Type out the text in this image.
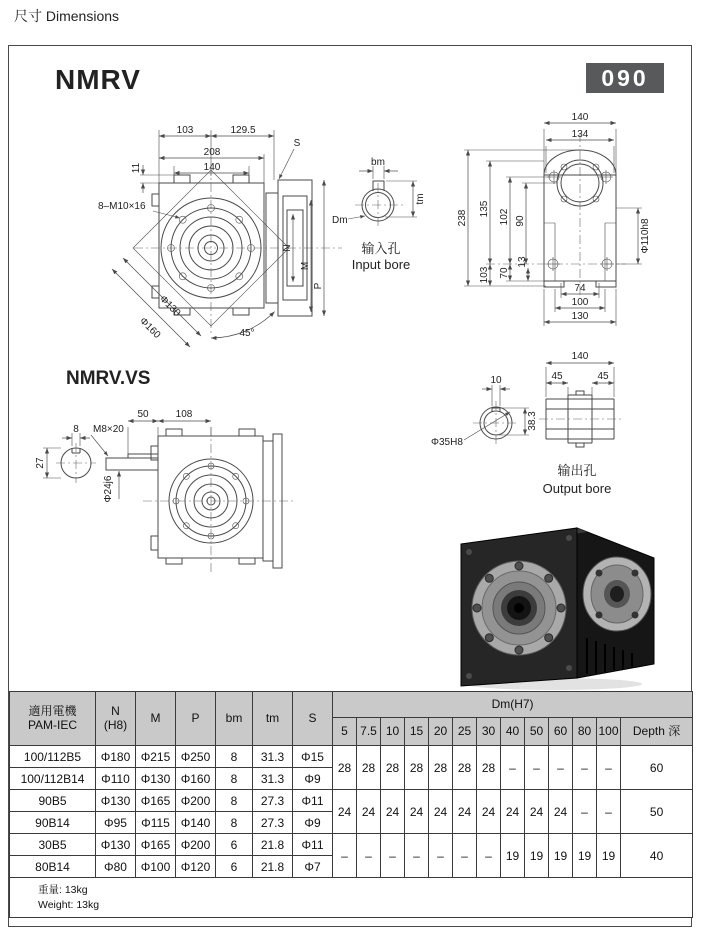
尺寸 Dimensions
NMRV	090
103	129.5
208
140
11
Φ130
Φ160	45°
8–M10×16
S
N
M
P
bm
tm
Dm
输入孔
Input bore
140
134
238
135 102 90
103 70
13
Φ110h8
74
100
130
NMRV.VS
8
27
M8×20
50	108
Φ24j6
10
Φ35H8
38.3
140
45	45
输出孔
Output bore
適用電機
PAM-IEC

N
(H8)	M	P	bm	tm	S	Dm(H7)
							5	7.5	10	15	20	25	30	40	50	60	80	100	Depth 深
100/112B5	Φ180	Φ215	Φ250	8	31.3	Φ15	28	28	28	28	28	28	28	–	–	–	–	–	60
100/112B14	Φ110	Φ130	Φ160	8	31.3	Φ9													
90B5	Φ130	Φ165	Φ200	8	27.3	Φ11	24	24	24	24	24	24	24	24	24	24	–	–	50
90B14	Φ95	Φ115	Φ140	8	27.3	Φ9													
30B5	Φ130	Φ165	Φ200	6	21.8	Φ11	–	–	–	–	–	–	–	19	19	19	19	19	40
80B14	Φ80	Φ100	Φ120	6	21.8	Φ7													

重量: 13kg
Weight: 13kg																			
